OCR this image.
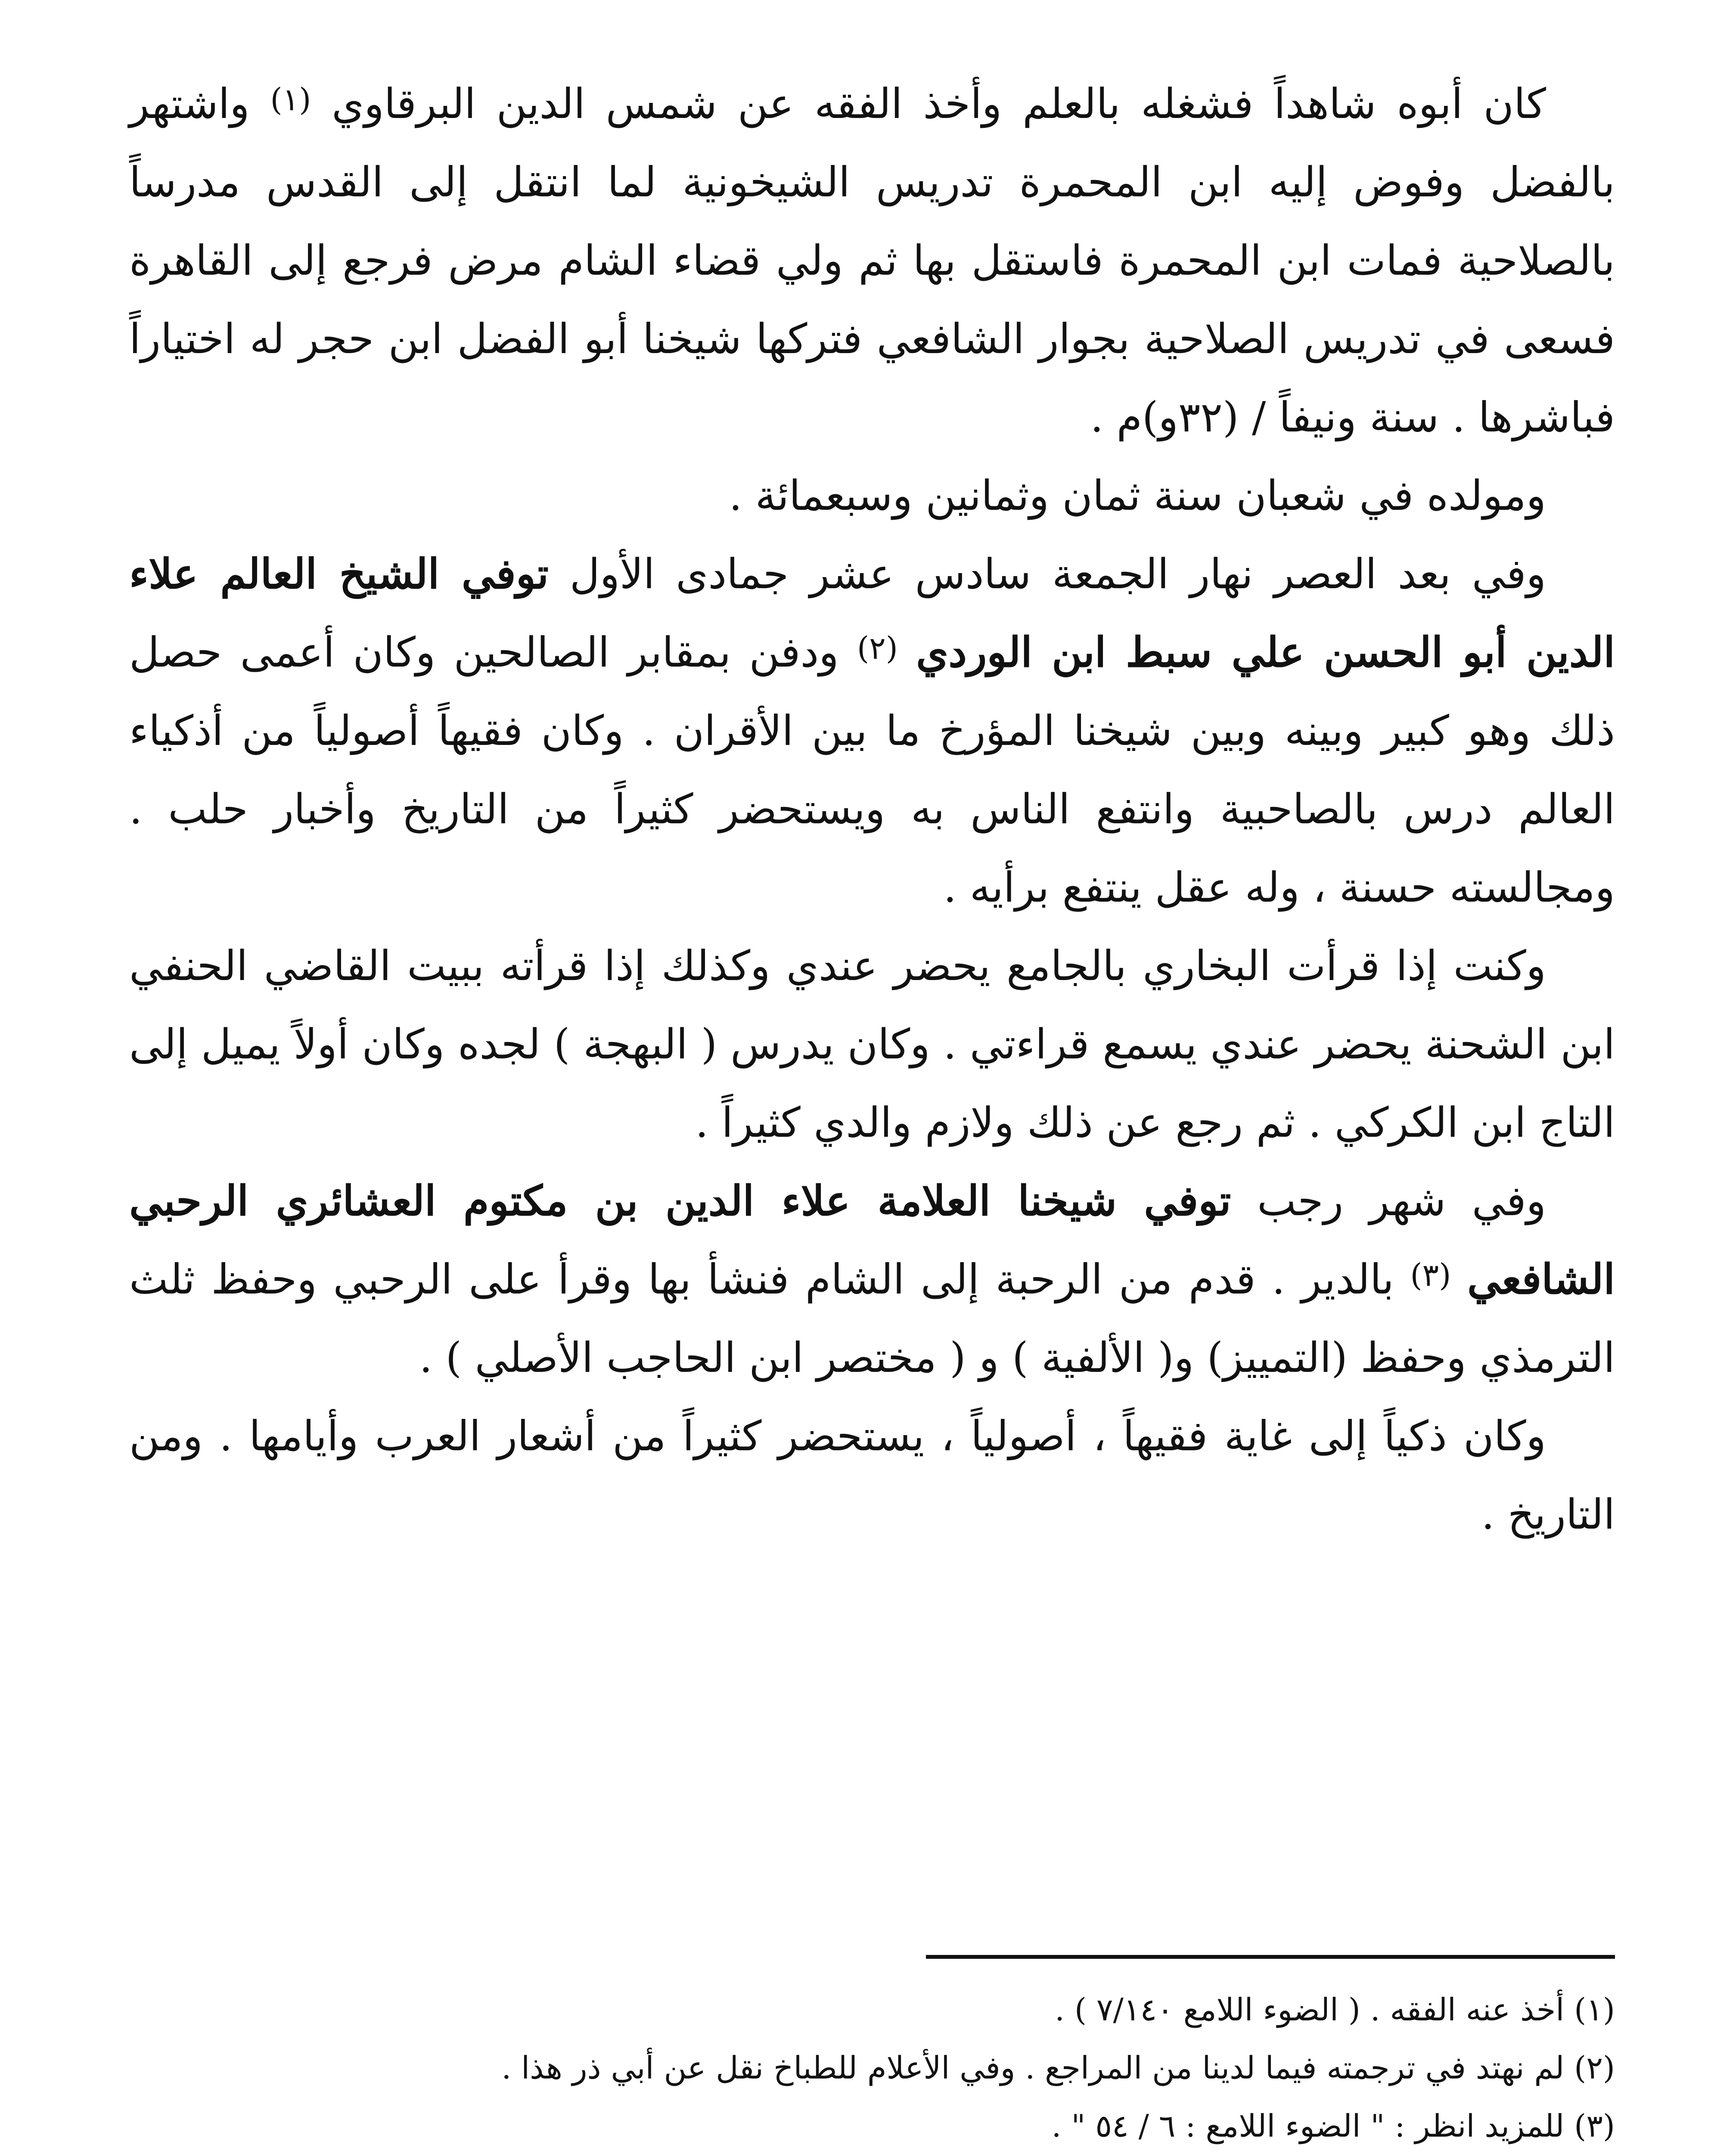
كان أبوه شاهداً فشغله بالعلم وأخذ الفقه عن شمس الدين البرقاوي (١) واشتهر بالفضل وفوض إليه ابن المحمرة تدريس الشيخونية لما انتقل إلى القدس مدرساً بالصلاحية فمات ابن المحمرة فاستقل بها ثم ولي قضاء الشام مرض فرجع إلى القاهرة فسعى في تدريس الصلاحية بجوار الشافعي فتركها شيخنا أبو الفضل ابن حجر له اختياراً فباشرها . سنة ونيفاً / (٣٢و)م .

ومولده في شعبان سنة ثمان وثمانين وسبعمائة .

وفي بعد العصر نهار الجمعة سادس عشر جمادى الأول توفي الشيخ العالم علاء الدين أبو الحسن علي سبط ابن الوردي (٢) ودفن بمقابر الصالحين وكان أعمى حصل ذلك وهو كبير وبينه وبين شيخنا المؤرخ ما بين الأقران . وكان فقيهاً أصولياً من أذكياء العالم درس بالصاحبية وانتفع الناس به ويستحضر كثيراً من التاريخ وأخبار حلب . ومجالسته حسنة ، وله عقل ينتفع برأيه .

وكنت إذا قرأت البخاري بالجامع يحضر عندي وكذلك إذا قرأته ببيت القاضي الحنفي ابن الشحنة يحضر عندي يسمع قراءتي . وكان يدرس ( البهجة ) لجده وكان أولاً يميل إلى التاج ابن الكركي . ثم رجع عن ذلك ولازم والدي كثيراً .

وفي شهر رجب توفي شيخنا العلامة علاء الدين بن مكتوم العشائري الرحبي الشافعي (٣) بالدير . قدم من الرحبة إلى الشام فنشأ بها وقرأ على الرحبي وحفظ ثلث الترمذي وحفظ (التمييز) و( الألفية ) و ( مختصر ابن الحاجب الأصلي ) .

وكان ذكياً إلى غاية فقيهاً ، أصولياً ، يستحضر كثيراً من أشعار العرب وأيامها . ومن التاريخ .

(١) أخذ عنه الفقه . ( الضوء اللامع ٧/١٤٠ ) .

(٢) لم نهتد في ترجمته فيما لدينا من المراجع . وفي الأعلام للطباخ نقل عن أبي ذر هذا .

(٣) للمزيد انظر : " الضوء اللامع : ٦ / ٥٤ " .
